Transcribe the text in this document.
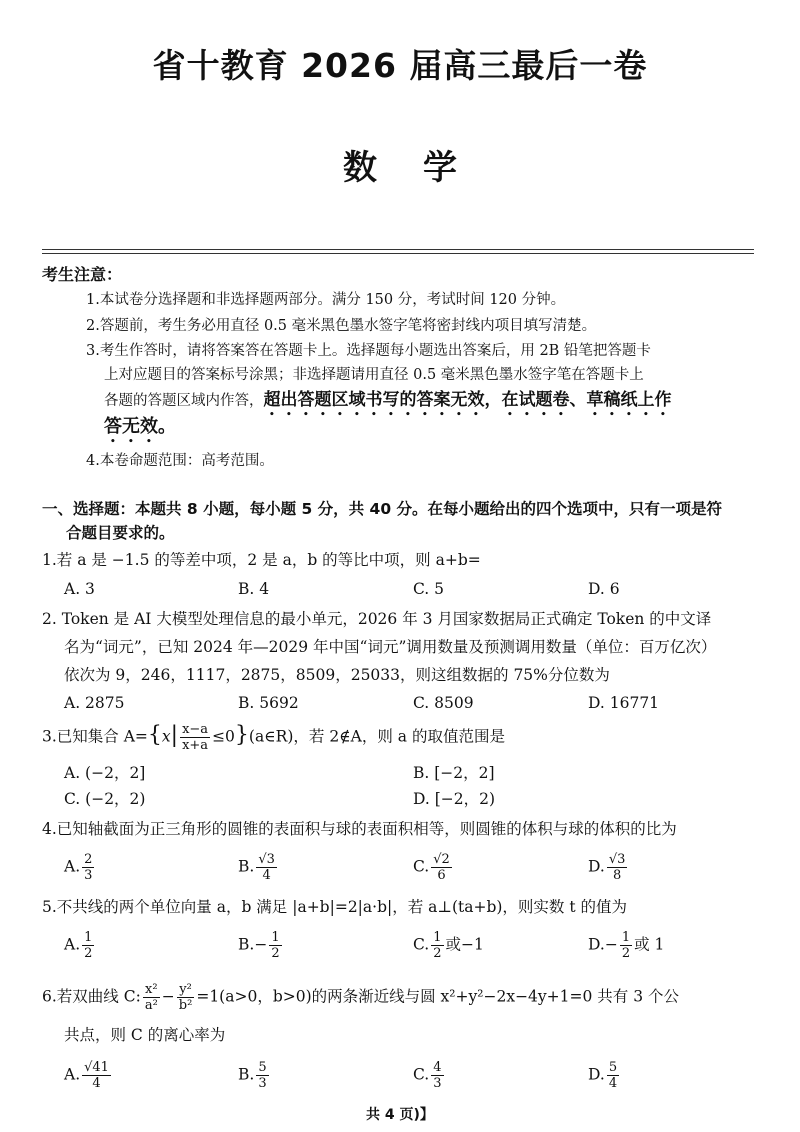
省十教育 2026 届高三最后一卷
数学
考生注意：
1.本试卷分选择题和非选择题两部分。满分 150 分，考试时间 120 分钟。
2.答题前，考生务必用直径 0.5 毫米黑色墨水签字笔将密封线内项目填写清楚。
3.考生作答时，请将答案答在答题卡上。选择题每小题选出答案后，用 2B 铅笔把答题卡
上对应题目的答案标号涂黑；非选择题请用直径 0.5 毫米黑色墨水签字笔在答题卡上
各题的答题区域内作答，超出答题区域书写的答案无效，在试题卷、草稿纸上作
答无效。
4.本卷命题范围：高考范围。
一、选择题：本题共 8 小题，每小题 5 分，共 40 分。在每小题给出的四个选项中，只有一项是符
合题目要求的。
1.若 a 是 −1.5 的等差中项，2 是 a，b 的等比中项，则 a+b=
A. 3	B. 4	C. 5	D. 6
2. Token 是 AI 大模型处理信息的最小单元，2026 年 3 月国家数据局正式确定 Token 的中文译
名为“词元”，已知 2024 年—2029 年中国“词元”调用数量及预测调用数量（单位：百万亿次）
依次为 9，246，1117，2875，8509，25033，则这组数据的 75%分位数为
A. 2875	B. 5692	C. 8509	D. 16771
3.已知集合 $A=\{x| \frac{x-a}{x+a}$ ≤0}(a∈R)，若 2∉A，则 a 的取值范围是
A. (−2，2]	B. [−2，2]
C. (−2，2)	D. [−2，2)
4.已知轴截面为正三角形的圆锥的表面积与球的表面积相等，则圆锥的体积与球的体积的比为
A. $\frac{2}{3}$	B. $\frac{√3}{4}$	C. $\frac{√2}{6}$	D. $\frac{√3}{8}$
5.不共线的两个单位向量 a，b 满足 |a+b|=2|a·b|，若 a⊥(ta+b)，则实数 t 的值为
A. $\frac{1}{2}$	$B.- \frac{1}{2}$	C. $\frac{1}{2}$ 或−1	$D.- \frac{1}{2}$ 或 1
6.若双曲线 C: $\frac{\text{x²}}{\text{a²}} - \frac{\text{y²}}{\text{b²}} =1(a>0$，b>0)的两条渐近线与圆 x²+y²−2x−4y+1=0 共有 3 个公
共点，则 C 的离心率为
A. $\frac{√41}{4}$	B. $\frac{5}{3}$	C. $\frac{4}{3}$	D. $\frac{5}{4}$
共 4 页)】
